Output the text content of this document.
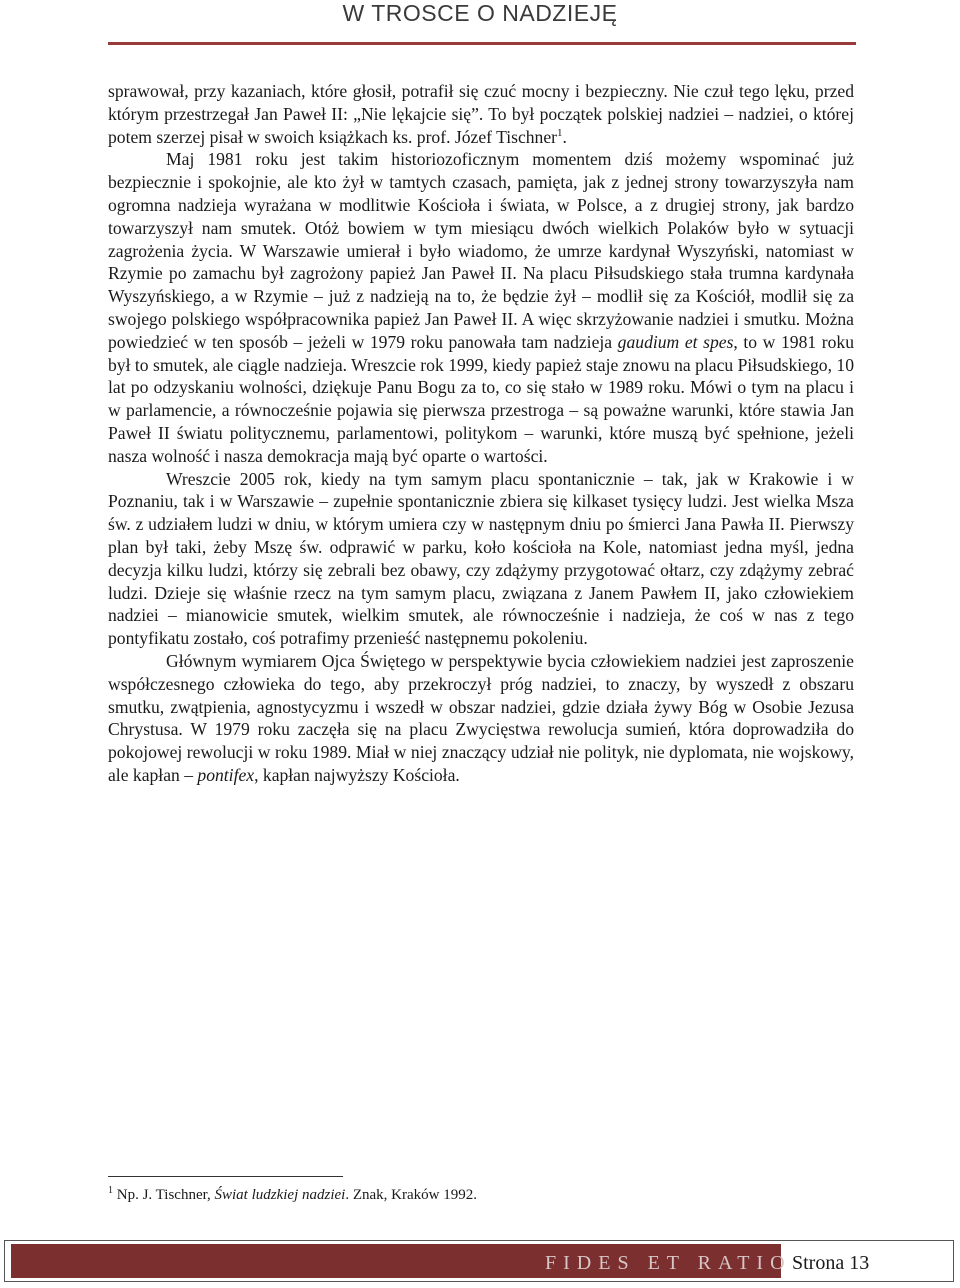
W TROSCE O NADZIEJĘ

sprawował, przy kazaniach, które głosił, potrafił się czuć mocny i bezpieczny. Nie czuł tego lęku, przed którym przestrzegał Jan Paweł II: „Nie lękajcie się”. To był początek polskiej nadziei – nadziei, o której potem szerzej pisał w swoich książkach ks. prof. Józef Tischner$^1$.

Maj 1981 roku jest takim historiozoficznym momentem dziś możemy wspominać już bezpiecznie i spokojnie, ale kto żył w tamtych czasach, pamięta, jak z jednej strony towarzyszyła nam ogromna nadzieja wyrażana w modlitwie Kościoła i świata, w Polsce, a z drugiej strony, jak bardzo towarzyszył nam smutek. Otóż bowiem w tym miesiącu dwóch wielkich Polaków było w sytuacji zagrożenia życia. W Warszawie umierał i było wiadomo, że umrze kardynał Wyszyński, natomiast w Rzymie po zamachu był zagrożony papież Jan Paweł II. Na placu Piłsudskiego stała trumna kardynała Wyszyńskiego, a w Rzymie – już z nadzieją na to, że będzie żył – modlił się za Kościół, modlił się za swojego polskiego współpracownika papież Jan Paweł II. A więc skrzyżowanie nadziei i smutku. Można powiedzieć w ten sposób – jeżeli w 1979 roku panowała tam nadzieja gaudium et spes, to w 1981 roku był to smutek, ale ciągle nadzieja. Wreszcie rok 1999, kiedy papież staje znowu na placu Piłsudskiego, 10 lat po odzyskaniu wolności, dziękuje Panu Bogu za to, co się stało w 1989 roku. Mówi o tym na placu i w parlamencie, a równocześnie pojawia się pierwsza przestroga – są poważne warunki, które stawia Jan Paweł II światu politycznemu, parlamentowi, politykom – warunki, które muszą być spełnione, jeżeli nasza wolność i nasza demokracja mają być oparte o wartości.

Wreszcie 2005 rok, kiedy na tym samym placu spontanicznie – tak, jak w Krakowie i w Poznaniu, tak i w Warszawie – zupełnie spontanicznie zbiera się kilkaset tysięcy ludzi. Jest wielka Msza św. z udziałem ludzi w dniu, w którym umiera czy w następnym dniu po śmierci Jana Pawła II. Pierwszy plan był taki, żeby Mszę św. odprawić w parku, koło kościoła na Kole, natomiast jedna myśl, jedna decyzja kilku ludzi, którzy się zebrali bez obawy, czy zdążymy przygotować ołtarz, czy zdążymy zebrać ludzi. Dzieje się właśnie rzecz na tym samym placu, związana z Janem Pawłem II, jako człowiekiem nadziei – mianowicie smutek, wielkim smutek, ale równocześnie i nadzieja, że coś w nas z tego pontyfikatu zostało, coś potrafimy przenieść następnemu pokoleniu.

Głównym wymiarem Ojca Świętego w perspektywie bycia człowiekiem nadziei jest zaproszenie współczesnego człowieka do tego, aby przekroczył próg nadziei, to znaczy, by wyszedł z obszaru smutku, zwątpienia, agnostycyzmu i wszedł w obszar nadziei, gdzie działa żywy Bóg w Osobie Jezusa Chrystusa. W 1979 roku zaczęła się na placu Zwycięstwa rewolucja sumień, która doprowadziła do pokojowej rewolucji w roku 1989. Miał w niej znaczący udział nie polityk, nie dyplomata, nie wojskowy, ale kapłan – pontifex, kapłan najwyższy Kościoła.

$^1$ Np. J. Tischner, Świat ludzkiej nadziei. Znak, Kraków 1992.
FIDES ET RATIO Strona 13
